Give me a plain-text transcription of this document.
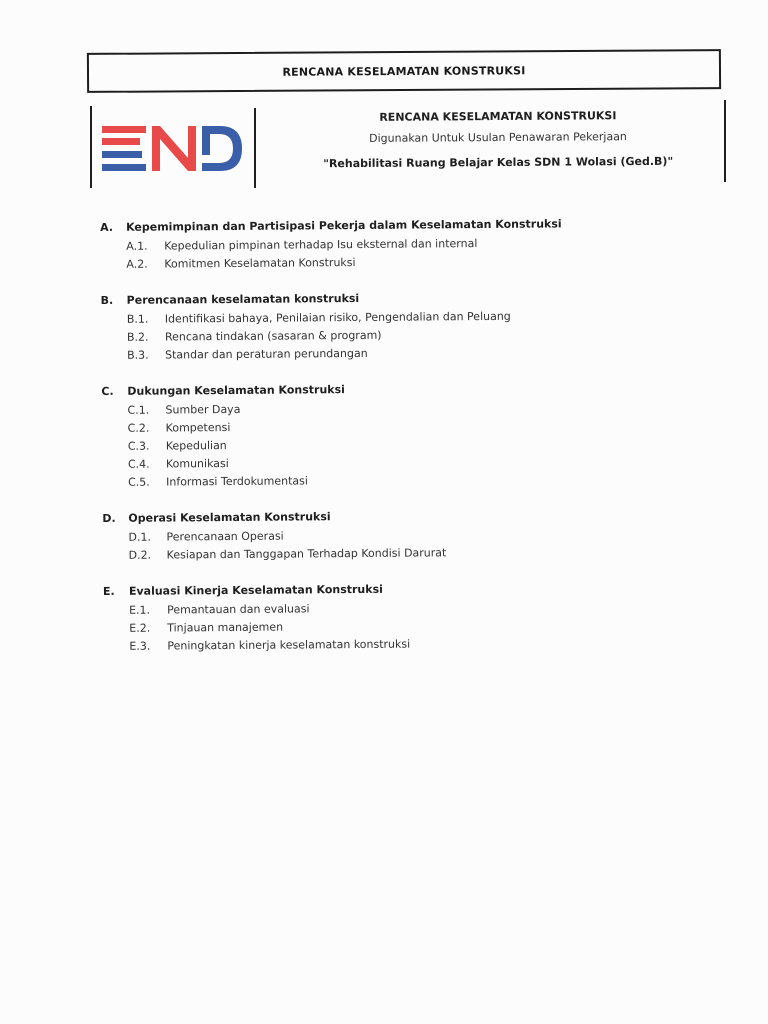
RENCANA KESELAMATAN KONSTRUKSI
RENCANA KESELAMATAN KONSTRUKSI
Digunakan Untuk Usulan Penawaran Pekerjaan
"Rehabilitasi Ruang Belajar Kelas SDN 1 Wolasi (Ged.B)"
A.	Kepemimpinan dan Partisipasi Pekerja dalam Keselamatan Konstruksi
A.1.	Kepedulian pimpinan terhadap Isu eksternal dan internal
A.2.	Komitmen Keselamatan Konstruksi
B.	Perencanaan keselamatan konstruksi
B.1.	Identifikasi bahaya, Penilaian risiko, Pengendalian dan Peluang
B.2.	Rencana tindakan (sasaran & program)
B.3.	Standar dan peraturan perundangan
C.	Dukungan Keselamatan Konstruksi
C.1.	Sumber Daya
C.2.	Kompetensi
C.3.	Kepedulian
C.4.	Komunikasi
C.5.	Informasi Terdokumentasi
D.	Operasi Keselamatan Konstruksi
D.1.	Perencanaan Operasi
D.2.	Kesiapan dan Tanggapan Terhadap Kondisi Darurat
E.	Evaluasi Kinerja Keselamatan Konstruksi
E.1.	Pemantauan dan evaluasi
E.2.	Tinjauan manajemen
E.3.	Peningkatan kinerja keselamatan konstruksi
